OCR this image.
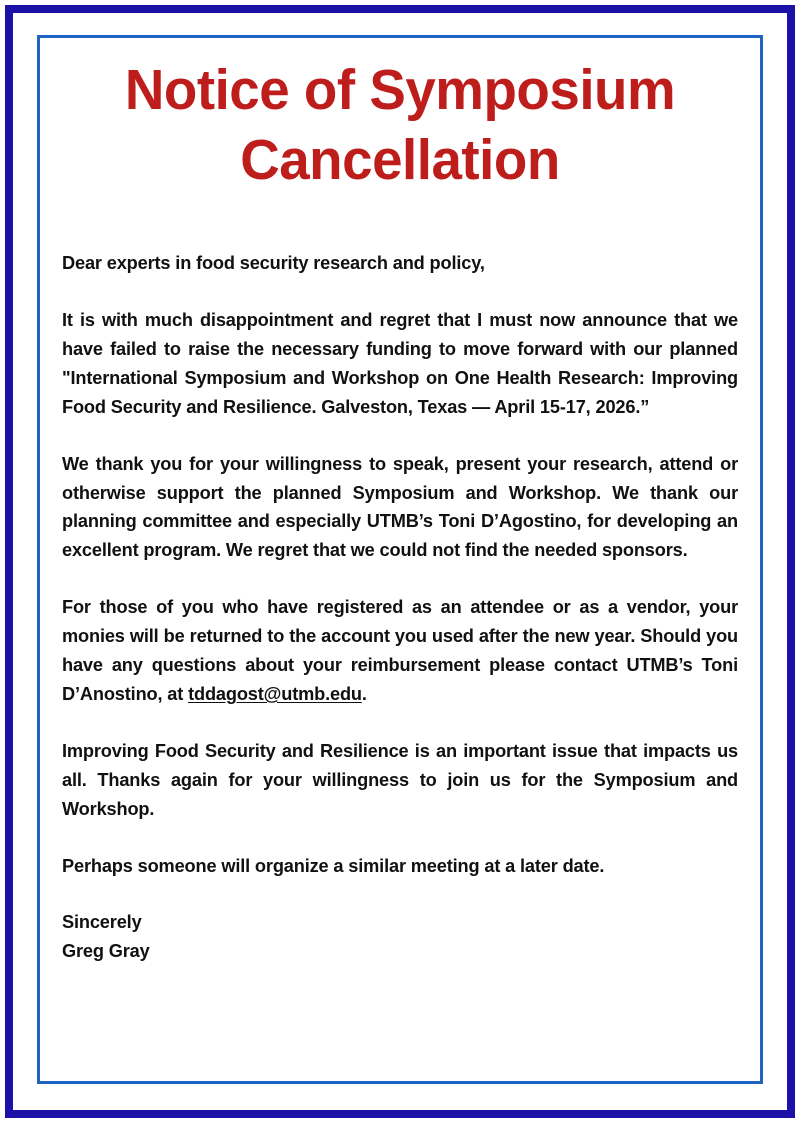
Notice of Symposium
Cancellation

Dear experts in food security research and policy,

It is with much disappointment and regret that I must now announce that we have failed to raise the necessary funding to move forward with our planned "International Symposium and Workshop on One Health Research: Improving Food Security and Resilience. Galveston, Texas — April 15-17, 2026.”

We thank you for your willingness to speak, present your research, attend or otherwise support the planned Symposium and Workshop. We thank our planning committee and especially UTMB’s Toni D’Agostino, for developing an excellent program. We regret that we could not find the needed sponsors.

For those of you who have registered as an attendee or as a vendor, your monies will be returned to the account you used after the new year. Should you have any questions about your reimbursement please contact UTMB’s Toni D’Anostino, at tddagost@utmb.edu.

Improving Food Security and Resilience is an important issue that impacts us all. Thanks again for your willingness to join us for the Symposium and Workshop.

Perhaps someone will organize a similar meeting at a later date.

Sincerely
Greg Gray
